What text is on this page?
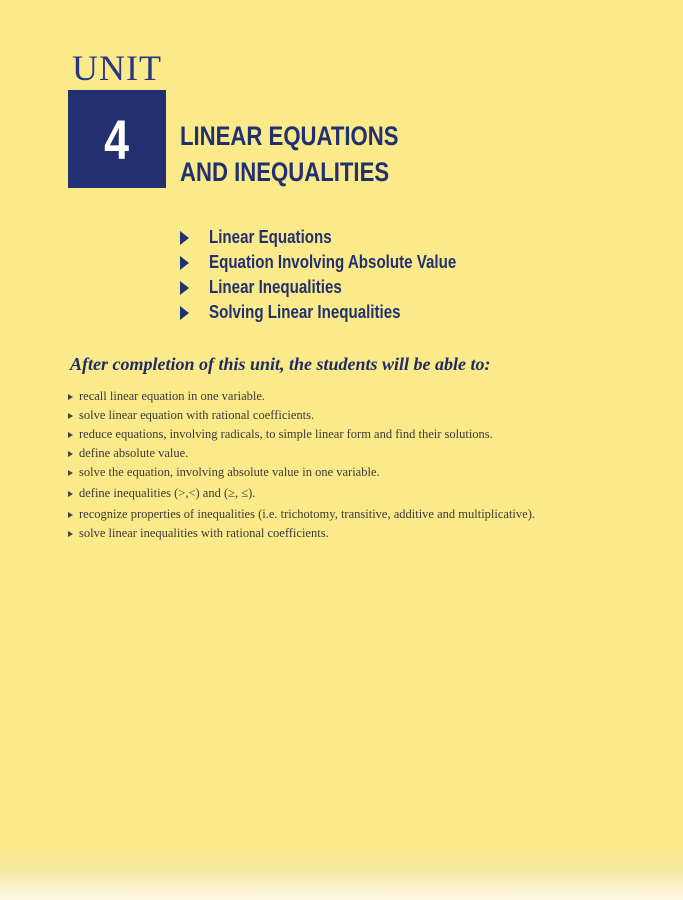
UNIT
4 LINEAR EQUATIONS
AND INEQUALITIES
Linear Equations
Equation Involving Absolute Value
Linear Inequalities
Solving Linear Inequalities
After completion of this unit, the students will be able to:
recall linear equation in one variable.
solve linear equation with rational coefficients.
reduce equations, involving radicals, to simple linear form and find their solutions.
define absolute value.
solve the equation, involving absolute value in one variable.
define inequalities (>,<) and (≥, ≤).
recognize properties of inequalities (i.e. trichotomy, transitive, additive and multiplicative).
solve linear inequalities with rational coefficients.
